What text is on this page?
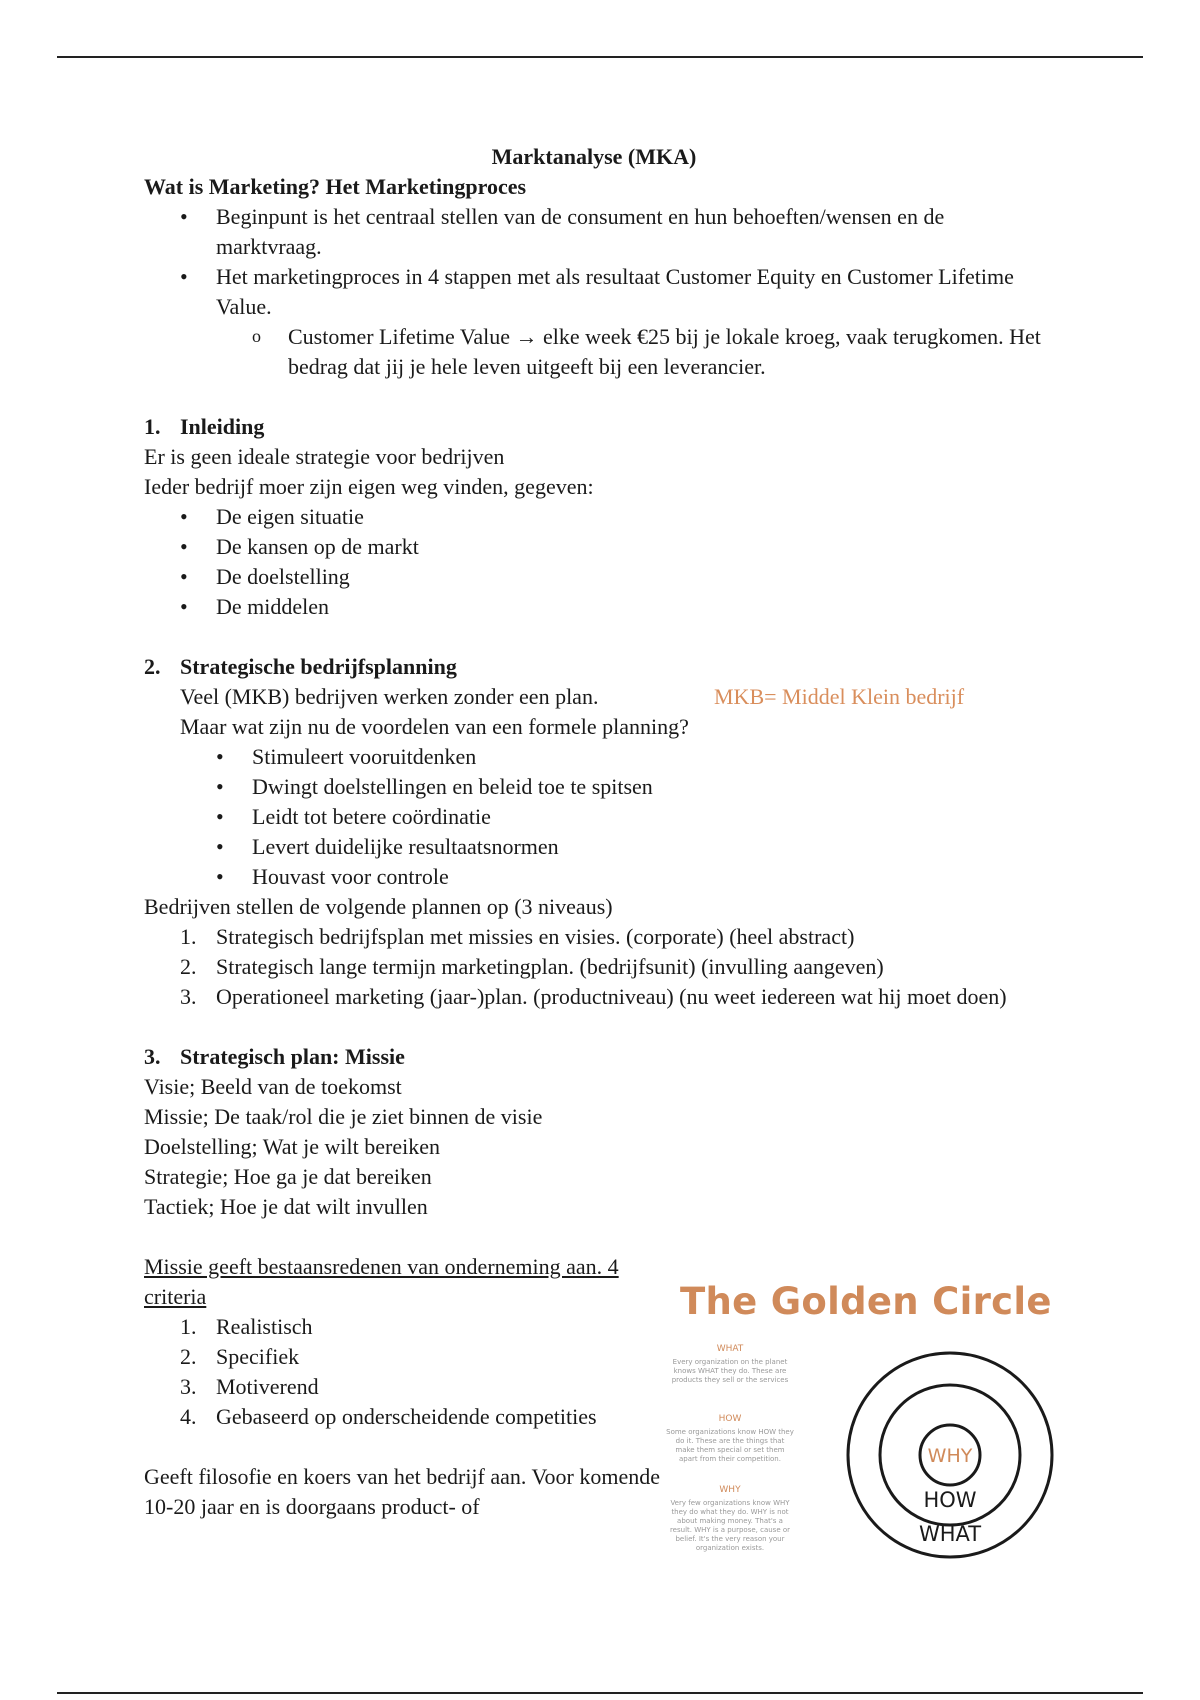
Marktanalyse (MKA)

Wat is Marketing? Het Marketingproces

• Beginpunt is het centraal stellen van de consument en hun behoeften/wensen en de marktvraag.
• Het marketingproces in 4 stappen met als resultaat Customer Equity en Customer Lifetime Value.
o Customer Lifetime Value → elke week €25 bij je lokale kroeg, vaak terugkomen. Het bedrag dat jij je hele leven uitgeeft bij een leverancier.

1. Inleiding

Er is geen ideale strategie voor bedrijven

Ieder bedrijf moer zijn eigen weg vinden, gegeven:

• De eigen situatie
• De kansen op de markt
• De doelstelling
• De middelen

2. Strategische bedrijfsplanning

Veel (MKB) bedrijven werken zonder een plan.	MKB= Middel Klein bedrijf

Maar wat zijn nu de voordelen van een formele planning?

• Stimuleert vooruitdenken
• Dwingt doelstellingen en beleid toe te spitsen
• Leidt tot betere coördinatie
• Levert duidelijke resultaatsnormen
• Houvast voor controle

Bedrijven stellen de volgende plannen op (3 niveaus)

1. Strategisch bedrijfsplan met missies en visies. (corporate) (heel abstract)
2. Strategisch lange termijn marketingplan. (bedrijfsunit) (invulling aangeven)
3. Operationeel marketing (jaar-)plan. (productniveau) (nu weet iedereen wat hij moet doen)

3. Strategisch plan: Missie

Visie; Beeld van de toekomst

Missie; De taak/rol die je ziet binnen de visie

Doelstelling; Wat je wilt bereiken

Strategie; Hoe ga je dat bereiken

Tactiek; Hoe je dat wilt invullen

Missie geeft bestaansredenen van onderneming aan. 4 criteria

1. Realistisch
2. Specifiek
3. Motiverend
4. Gebaseerd op onderscheidende competities

Geeft filosofie en koers van het bedrijf aan. Voor komende 10-20 jaar en is doorgaans product- of

The Golden Circle
WHAT
Every organization on the planet knows WHAT they do. These are products they sell or the services
HOW
Some organizations know HOW they do it. These are the things that make them special or set them apart from their competition.
WHY
Very few organizations know WHY they do what they do. WHY is not about making money. That's a result. WHY is a purpose, cause or belief. It's the very reason your organization exists.
WHY
HOW
WHAT
